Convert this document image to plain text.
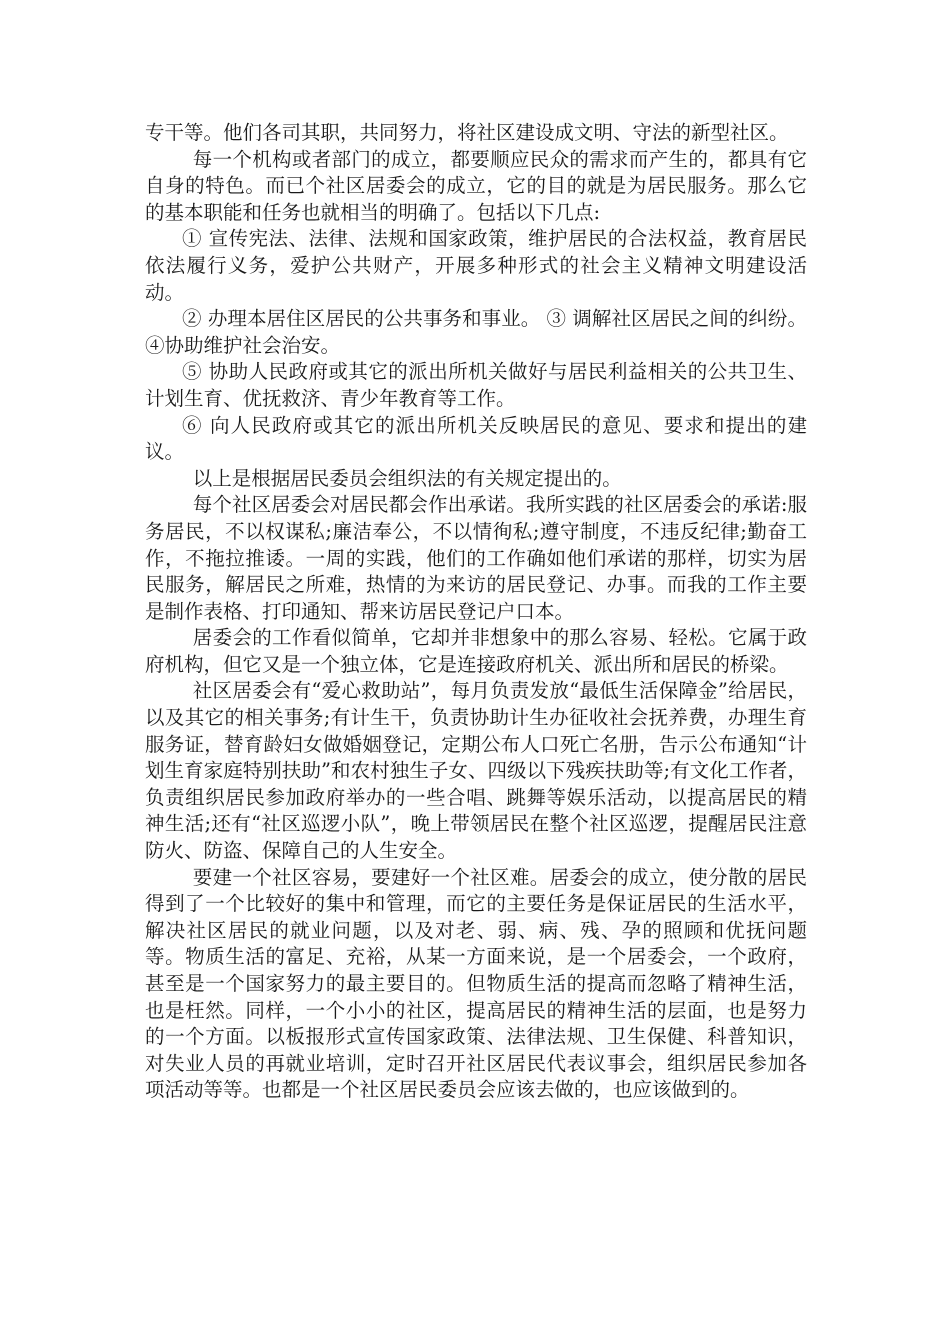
专干等。他们各司其职，共同努力，将社区建设成文明、守法的新型社区。

每一个机构或者部门的成立，都要顺应民众的需求而产生的，都具有它自身的特色。而已个社区居委会的成立，它的目的就是为居民服务。那么它的基本职能和任务也就相当的明确了。包括以下几点:

① 宣传宪法、法律、法规和国家政策，维护居民的合法权益，教育居民依法履行义务，爱护公共财产，开展多种形式的社会主义精神文明建设活动。

② 办理本居住区居民的公共事务和事业。 ③ 调解社区居民之间的纠纷。 ④协助维护社会治安。

⑤ 协助人民政府或其它的派出所机关做好与居民利益相关的公共卫生、计划生育、优抚救济、青少年教育等工作。

⑥ 向人民政府或其它的派出所机关反映居民的意见、要求和提出的建议。

以上是根据居民委员会组织法的有关规定提出的。

每个社区居委会对居民都会作出承诺。我所实践的社区居委会的承诺:服务居民，不以权谋私;廉洁奉公，不以情徇私;遵守制度，不违反纪律;勤奋工作，不拖拉推诿。一周的实践，他们的工作确如他们承诺的那样，切实为居民服务，解居民之所难，热情的为来访的居民登记、办事。而我的工作主要是制作表格、打印通知、帮来访居民登记户口本。

居委会的工作看似简单，它却并非想象中的那么容易、轻松。它属于政府机构，但它又是一个独立体，它是连接政府机关、派出所和居民的桥梁。

社区居委会有“爱心救助站”，每月负责发放“最低生活保障金”给居民，以及其它的相关事务;有计生干，负责协助计生办征收社会抚养费，办理生育服务证，替育龄妇女做婚姻登记，定期公布人口死亡名册，告示公布通知“计划生育家庭特别扶助”和农村独生子女、四级以下残疾扶助等;有文化工作者，负责组织居民参加政府举办的一些合唱、跳舞等娱乐活动，以提高居民的精神生活;还有“社区巡逻小队”，晚上带领居民在整个社区巡逻，提醒居民注意防火、防盗、保障自己的人生安全。

要建一个社区容易，要建好一个社区难。居委会的成立，使分散的居民得到了一个比较好的集中和管理，而它的主要任务是保证居民的生活水平，解决社区居民的就业问题，以及对老、弱、病、残、孕的照顾和优抚问题等。物质生活的富足、充裕，从某一方面来说，是一个居委会，一个政府，甚至是一个国家努力的最主要目的。但物质生活的提高而忽略了精神生活，也是枉然。同样，一个小小的社区，提高居民的精神生活的层面，也是努力的一个方面。以板报形式宣传国家政策、法律法规、卫生保健、科普知识，对失业人员的再就业培训，定时召开社区居民代表议事会，组织居民参加各项活动等等。也都是一个社区居民委员会应该去做的，也应该做到的。
